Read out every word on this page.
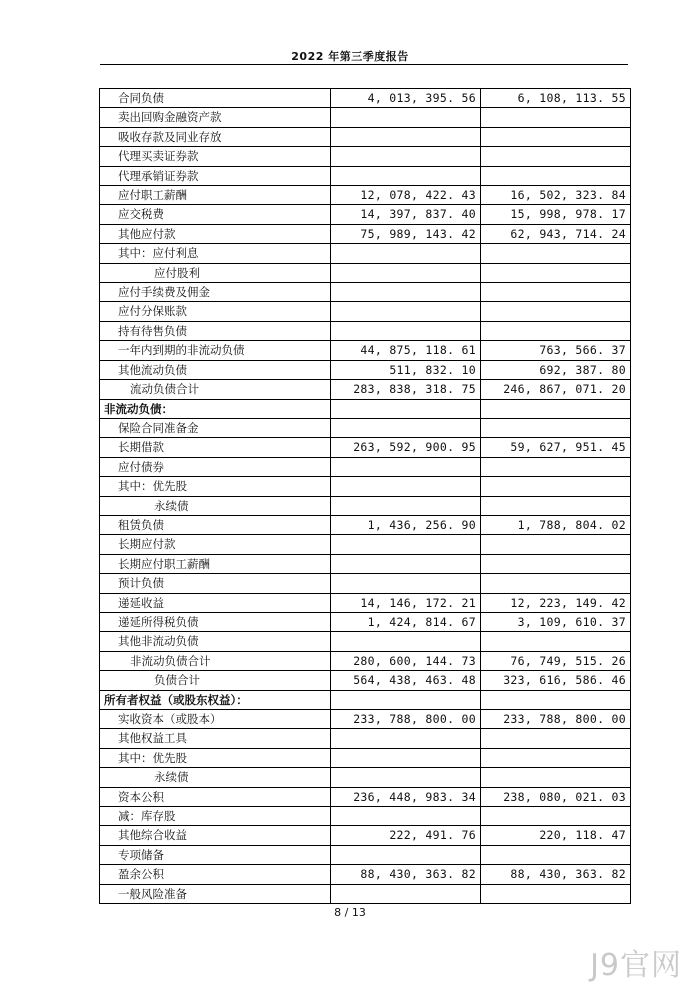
2022 年第三季度报告
合同负债	4, 013, 395. 56	6, 108, 113. 55
卖出回购金融资产款		
吸收存款及同业存放		
代理买卖证券款		
代理承销证券款		
应付职工薪酬	12, 078, 422. 43	16, 502, 323. 84
应交税费	14, 397, 837. 40	15, 998, 978. 17
其他应付款	75, 989, 143. 42	62, 943, 714. 24
其中：应付利息		
应付股利		
应付手续费及佣金		
应付分保账款		
持有待售负债		
一年内到期的非流动负债	44, 875, 118. 61	763, 566. 37
其他流动负债	511, 832. 10	692, 387. 80
流动负债合计	283, 838, 318. 75	246, 867, 071. 20
非流动负债：		
保险合同准备金		
长期借款	263, 592, 900. 95	59, 627, 951. 45
应付债券		
其中：优先股		
永续债		
租赁负债	1, 436, 256. 90	1, 788, 804. 02
长期应付款		
长期应付职工薪酬		
预计负债		
递延收益	14, 146, 172. 21	12, 223, 149. 42
递延所得税负债	1, 424, 814. 67	3, 109, 610. 37
其他非流动负债		
非流动负债合计	280, 600, 144. 73	76, 749, 515. 26
负债合计	564, 438, 463. 48	323, 616, 586. 46
所有者权益（或股东权益）：		
实收资本（或股本）	233, 788, 800. 00	233, 788, 800. 00
其他权益工具		
其中：优先股		
永续债		
资本公积	236, 448, 983. 34	238, 080, 021. 03
减：库存股		
其他综合收益	222, 491. 76	220, 118. 47
专项储备		
盈余公积	88, 430, 363. 82	88, 430, 363. 82
一般风险准备		
8 / 13
J9官网
